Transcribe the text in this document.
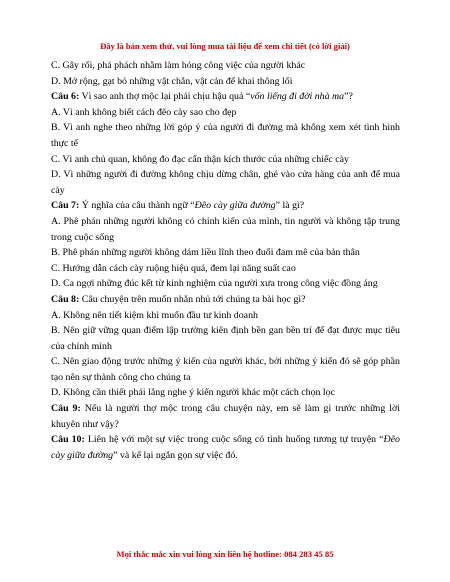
Đây là bản xem thử, vui lòng mua tài liệu để xem chi tiết (có lời giải)
C. Gây rối, phá phách nhằm làm hỏng công việc của người khác
D. Mở rộng, gạt bỏ những vật chắn, vật cản để khai thông lối
Câu 6: Vì sao anh thợ mộc lại phải chịu hậu quả “vốn liếng đi đời nhà ma”?
A. Vì anh không biết cách đẽo cày sao cho đẹp
B. Vì anh nghe theo những lời góp ý của người đi đường mà không xem xét tình hình thực tế
C. Vì anh chủ quan, không đo đạc cẩn thận kích thước của những chiếc cày
D. Vì những người đi đường không chịu dừng chân, ghé vào cửa hàng của anh để mua cày
Câu 7: Ý nghĩa của câu thành ngữ “Đẽo cày giữa đường” là gì?
A. Phê phán những người không có chính kiến của mình, tin người và không tập trung trong cuộc sống
B. Phê phán những người không dám liều lĩnh theo đuổi đam mê của bản thân
C. Hướng dẫn cách cày ruộng hiệu quả, đem lại năng suất cao
D. Ca ngợi những đúc kết từ kinh nghiệm của người xưa trong công việc đồng áng
Câu 8: Câu chuyện trên muốn nhắn nhủ tới chúng ta bài học gì?
A. Không nên tiết kiệm khi muốn đầu tư kinh doanh
B. Nên giữ vững quan điểm lập trường kiên định bền gan bền trí để đạt được mục tiêu của chính mình
C. Nên giao động trước những ý kiến của người khác, bởi những ý kiến đó sẽ góp phần tạo nên sự thành công cho chúng ta
D. Không cần thiết phải lắng nghe ý kiến người khác một cách chọn lọc
Câu 9: Nếu là người thợ mộc trong câu chuyện này, em sẽ làm gì trước những lời khuyên như vậy?
Câu 10: Liên hệ với một sự việc trong cuộc sống có tình huống tương tự truyện “Đẽo cày giữa đường” và kể lại ngắn gọn sự việc đó.
Mọi thắc mắc xin vui lòng xin liên hệ hotline: 084 283 45 85
